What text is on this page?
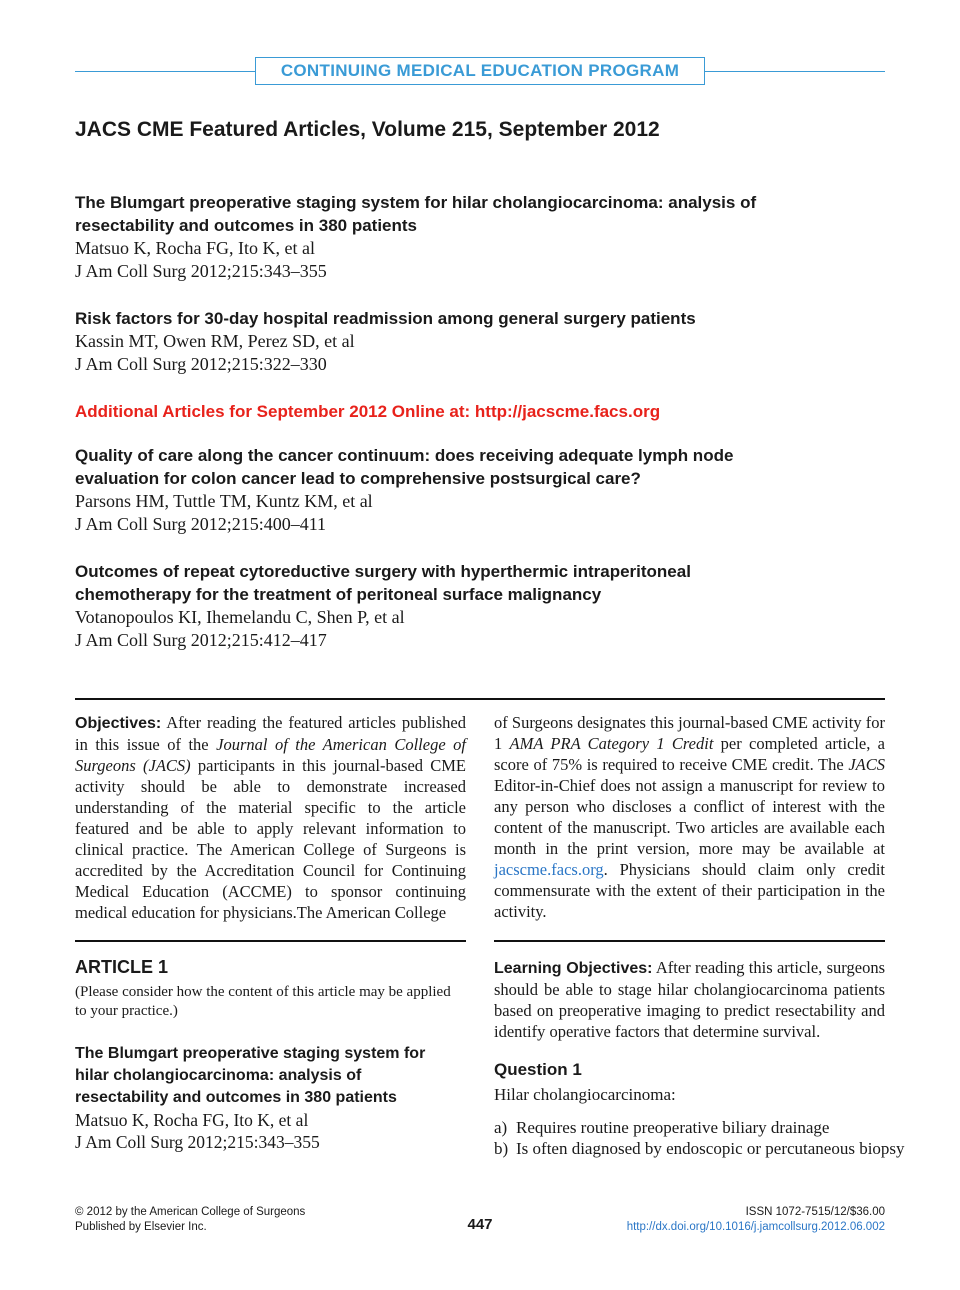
CONTINUING MEDICAL EDUCATION PROGRAM
JACS CME Featured Articles, Volume 215, September 2012
The Blumgart preoperative staging system for hilar cholangiocarcinoma: analysis of
resectability and outcomes in 380 patients
Matsuo K, Rocha FG, Ito K, et al
J Am Coll Surg 2012;215:343–355
Risk factors for 30-day hospital readmission among general surgery patients
Kassin MT, Owen RM, Perez SD, et al
J Am Coll Surg 2012;215:322–330
Additional Articles for September 2012 Online at: http://jacscme.facs.org
Quality of care along the cancer continuum: does receiving adequate lymph node
evaluation for colon cancer lead to comprehensive postsurgical care?
Parsons HM, Tuttle TM, Kuntz KM, et al
J Am Coll Surg 2012;215:400–411
Outcomes of repeat cytoreductive surgery with hyperthermic intraperitoneal
chemotherapy for the treatment of peritoneal surface malignancy
Votanopoulos KI, Ihemelandu C, Shen P, et al
J Am Coll Surg 2012;215:412–417
Objectives: After reading the featured articles published in this issue of the Journal of the American College of Surgeons (JACS) participants in this journal-based CME activity should be able to demonstrate increased understanding of the material specific to the article featured and be able to apply relevant information to clinical practice. The American College of Surgeons is accredited by the Accreditation Council for Continuing Medical Education (ACCME) to sponsor continuing medical education for physicians.The American College
of Surgeons designates this journal-based CME activity for 1 AMA PRA Category 1 Credit per completed article, a score of 75% is required to receive CME credit. The JACS Editor-in-Chief does not assign a manuscript for review to any person who discloses a conflict of interest with the content of the manuscript. Two articles are available each month in the print version, more may be available at jacscme.facs.org. Physicians should claim only credit commensurate with the extent of their participation in the activity.
ARTICLE 1
(Please consider how the content of this article may be applied to your practice.)
The Blumgart preoperative staging system for
hilar cholangiocarcinoma: analysis of
resectability and outcomes in 380 patients
Matsuo K, Rocha FG, Ito K, et al
J Am Coll Surg 2012;215:343–355
Learning Objectives: After reading this article, surgeons should be able to stage hilar cholangiocarcinoma patients based on preoperative imaging to predict resectability and identify operative factors that determine survival.
Question 1
Hilar cholangiocarcinoma:
a) Requires routine preoperative biliary drainage
b) Is often diagnosed by endoscopic or percutaneous biopsy
© 2012 by the American College of Surgeons
Published by Elsevier Inc.	447
ISSN 1072-7515/12/$36.00
http://dx.doi.org/10.1016/j.jamcollsurg.2012.06.002
